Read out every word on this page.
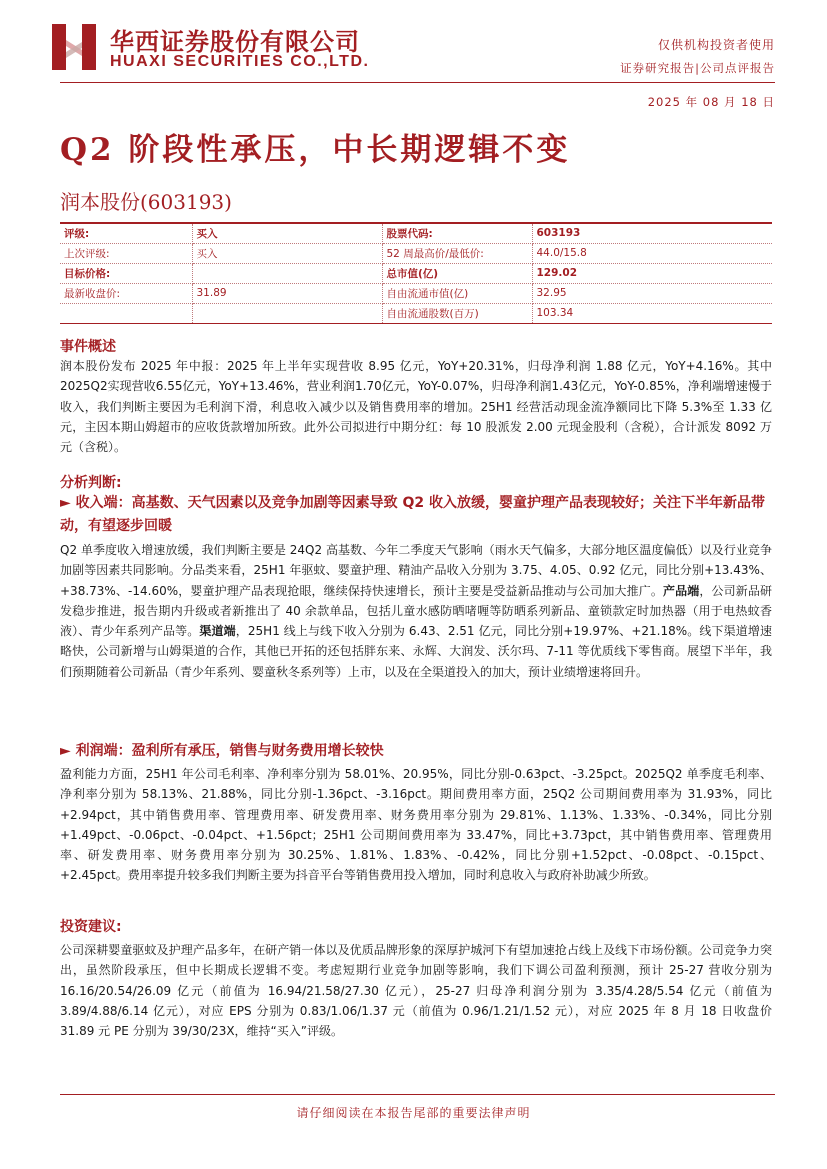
华西证券股份有限公司
HUAXI SECURITIES CO.,LTD.
仅供机构投资者使用
证券研究报告|公司点评报告
2025 年 08 月 18 日
Q2 阶段性承压，中长期逻辑不变
润本股份(603193)
评级:	买入	股票代码:	603193
上次评级:	买入	52 周最高价/最低价:	44.0/15.8
目标价格:		总市值(亿)	129.02
最新收盘价:	31.89	自由流通市值(亿)	32.95
		自由流通股数(百万)	103.34
事件概述
润本股份发布 2025 年中报：2025 年上半年实现营收 8.95 亿元，YoY+20.31%，归母净利润 1.88 亿元，YoY+4.16%。其中2025Q2实现营收6.55亿元，YoY+13.46%，营业利润1.70亿元，YoY-0.07%，归母净利润1.43亿元，YoY-0.85%，净利端增速慢于收入，我们判断主要因为毛利润下滑，利息收入减少以及销售费用率的增加。25H1 经营活动现金流净额同比下降 5.3%至 1.33 亿元，主因本期山姆超市的应收货款增加所致。此外公司拟进行中期分红：每 10 股派发 2.00 元现金股利（含税），合计派发 8092 万元（含税）。
分析判断:
► 收入端：高基数、天气因素以及竞争加剧等因素导致 Q2 收入放缓，婴童护理产品表现较好；关注下半年新品带动，有望逐步回暖
Q2 单季度收入增速放缓，我们判断主要是 24Q2 高基数、今年二季度天气影响（雨水天气偏多，大部分地区温度偏低）以及行业竞争加剧等因素共同影响。分品类来看，25H1 年驱蚊、婴童护理、精油产品收入分别为 3.75、4.05、0.92 亿元，同比分别+13.43%、+38.73%、-14.60%，婴童护理产品表现抢眼，继续保持快速增长，预计主要是受益新品推动与公司加大推广。产品端，公司新品研发稳步推进，报告期内升级或者新推出了 40 余款单品，包括儿童水感防晒啫喱等防晒系列新品、童锁款定时加热器（用于电热蚊香液）、青少年系列产品等。渠道端，25H1 线上与线下收入分别为 6.43、2.51 亿元，同比分别+19.97%、+21.18%。线下渠道增速略快，公司新增与山姆渠道的合作，其他已开拓的还包括胖东来、永辉、大润发、沃尔玛、7-11 等优质线下零售商。展望下半年，我们预期随着公司新品（青少年系列、婴童秋冬系列等）上市，以及在全渠道投入的加大，预计业绩增速将回升。
► 利润端：盈利所有承压，销售与财务费用增长较快
盈利能力方面，25H1 年公司毛利率、净利率分别为 58.01%、20.95%，同比分别-0.63pct、-3.25pct。2025Q2 单季度毛利率、净利率分别为 58.13%、21.88%，同比分别-1.36pct、-3.16pct。期间费用率方面，25Q2 公司期间费用率为 31.93%，同比+2.94pct，其中销售费用率、管理费用率、研发费用率、财务费用率分别为 29.81%、1.13%、1.33%、-0.34%，同比分别+1.49pct、-0.06pct、-0.04pct、+1.56pct；25H1 公司期间费用率为 33.47%，同比+3.73pct，其中销售费用率、管理费用率、研发费用率、财务费用率分别为 30.25%、1.81%、1.83%、-0.42%，同比分别+1.52pct、-0.08pct、-0.15pct、+2.45pct。费用率提升较多我们判断主要为抖音平台等销售费用投入增加，同时利息收入与政府补助减少所致。
投资建议:
公司深耕婴童驱蚊及护理产品多年，在研产销一体以及优质品牌形象的深厚护城河下有望加速抢占线上及线下市场份额。公司竞争力突出，虽然阶段承压，但中长期成长逻辑不变。考虑短期行业竞争加剧等影响，我们下调公司盈利预测，预计 25-27 营收分别为 16.16/20.54/26.09 亿元（前值为 16.94/21.58/27.30 亿元），25-27 归母净利润分别为 3.35/4.28/5.54 亿元（前值为 3.89/4.88/6.14 亿元），对应 EPS 分别为 0.83/1.06/1.37 元（前值为 0.96/1.21/1.52 元），对应 2025 年 8 月 18 日收盘价 31.89 元 PE 分别为 39/30/23X，维持“买入”评级。
请仔细阅读在本报告尾部的重要法律声明
